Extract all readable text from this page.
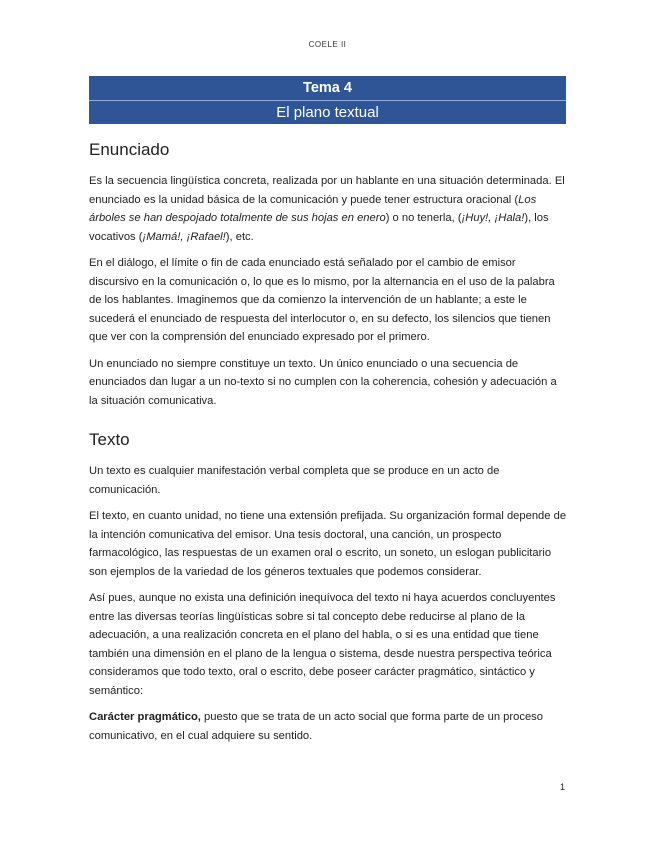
COELE II
Tema 4
El plano textual
Enunciado

Es la secuencia lingüística concreta, realizada por un hablante en una situación determinada. El enunciado es la unidad básica de la comunicación y puede tener estructura oracional (Los árboles se han despojado totalmente de sus hojas en enero) o no tenerla, (¡Huy!, ¡Hala!), los vocativos (¡Mamá!, ¡Rafael!), etc.

En el diálogo, el límite o fin de cada enunciado está señalado por el cambio de emisor discursivo en la comunicación o, lo que es lo mismo, por la alternancia en el uso de la palabra de los hablantes. Imaginemos que da comienzo la intervención de un hablante; a este le sucederá el enunciado de respuesta del interlocutor o, en su defecto, los silencios que tienen que ver con la comprensión del enunciado expresado por el primero.

Un enunciado no siempre constituye un texto. Un único enunciado o una secuencia de enunciados dan lugar a un no-texto si no cumplen con la coherencia, cohesión y adecuación a la situación comunicativa.

Texto

Un texto es cualquier manifestación verbal completa que se produce en un acto de comunicación.

El texto, en cuanto unidad, no tiene una extensión prefijada. Su organización formal depende de la intención comunicativa del emisor. Una tesis doctoral, una canción, un prospecto farmacológico, las respuestas de un examen oral o escrito, un soneto, un eslogan publicitario son ejemplos de la variedad de los géneros textuales que podemos considerar.

Así pues, aunque no exista una definición inequívoca del texto ni haya acuerdos concluyentes entre las diversas teorías lingüísticas sobre si tal concepto debe reducirse al plano de la adecuación, a una realización concreta en el plano del habla, o si es una entidad que tiene también una dimensión en el plano de la lengua o sistema, desde nuestra perspectiva teórica consideramos que todo texto, oral o escrito, debe poseer carácter pragmático, sintáctico y semántico:

Carácter pragmático, puesto que se trata de un acto social que forma parte de un proceso comunicativo, en el cual adquiere su sentido.

1
